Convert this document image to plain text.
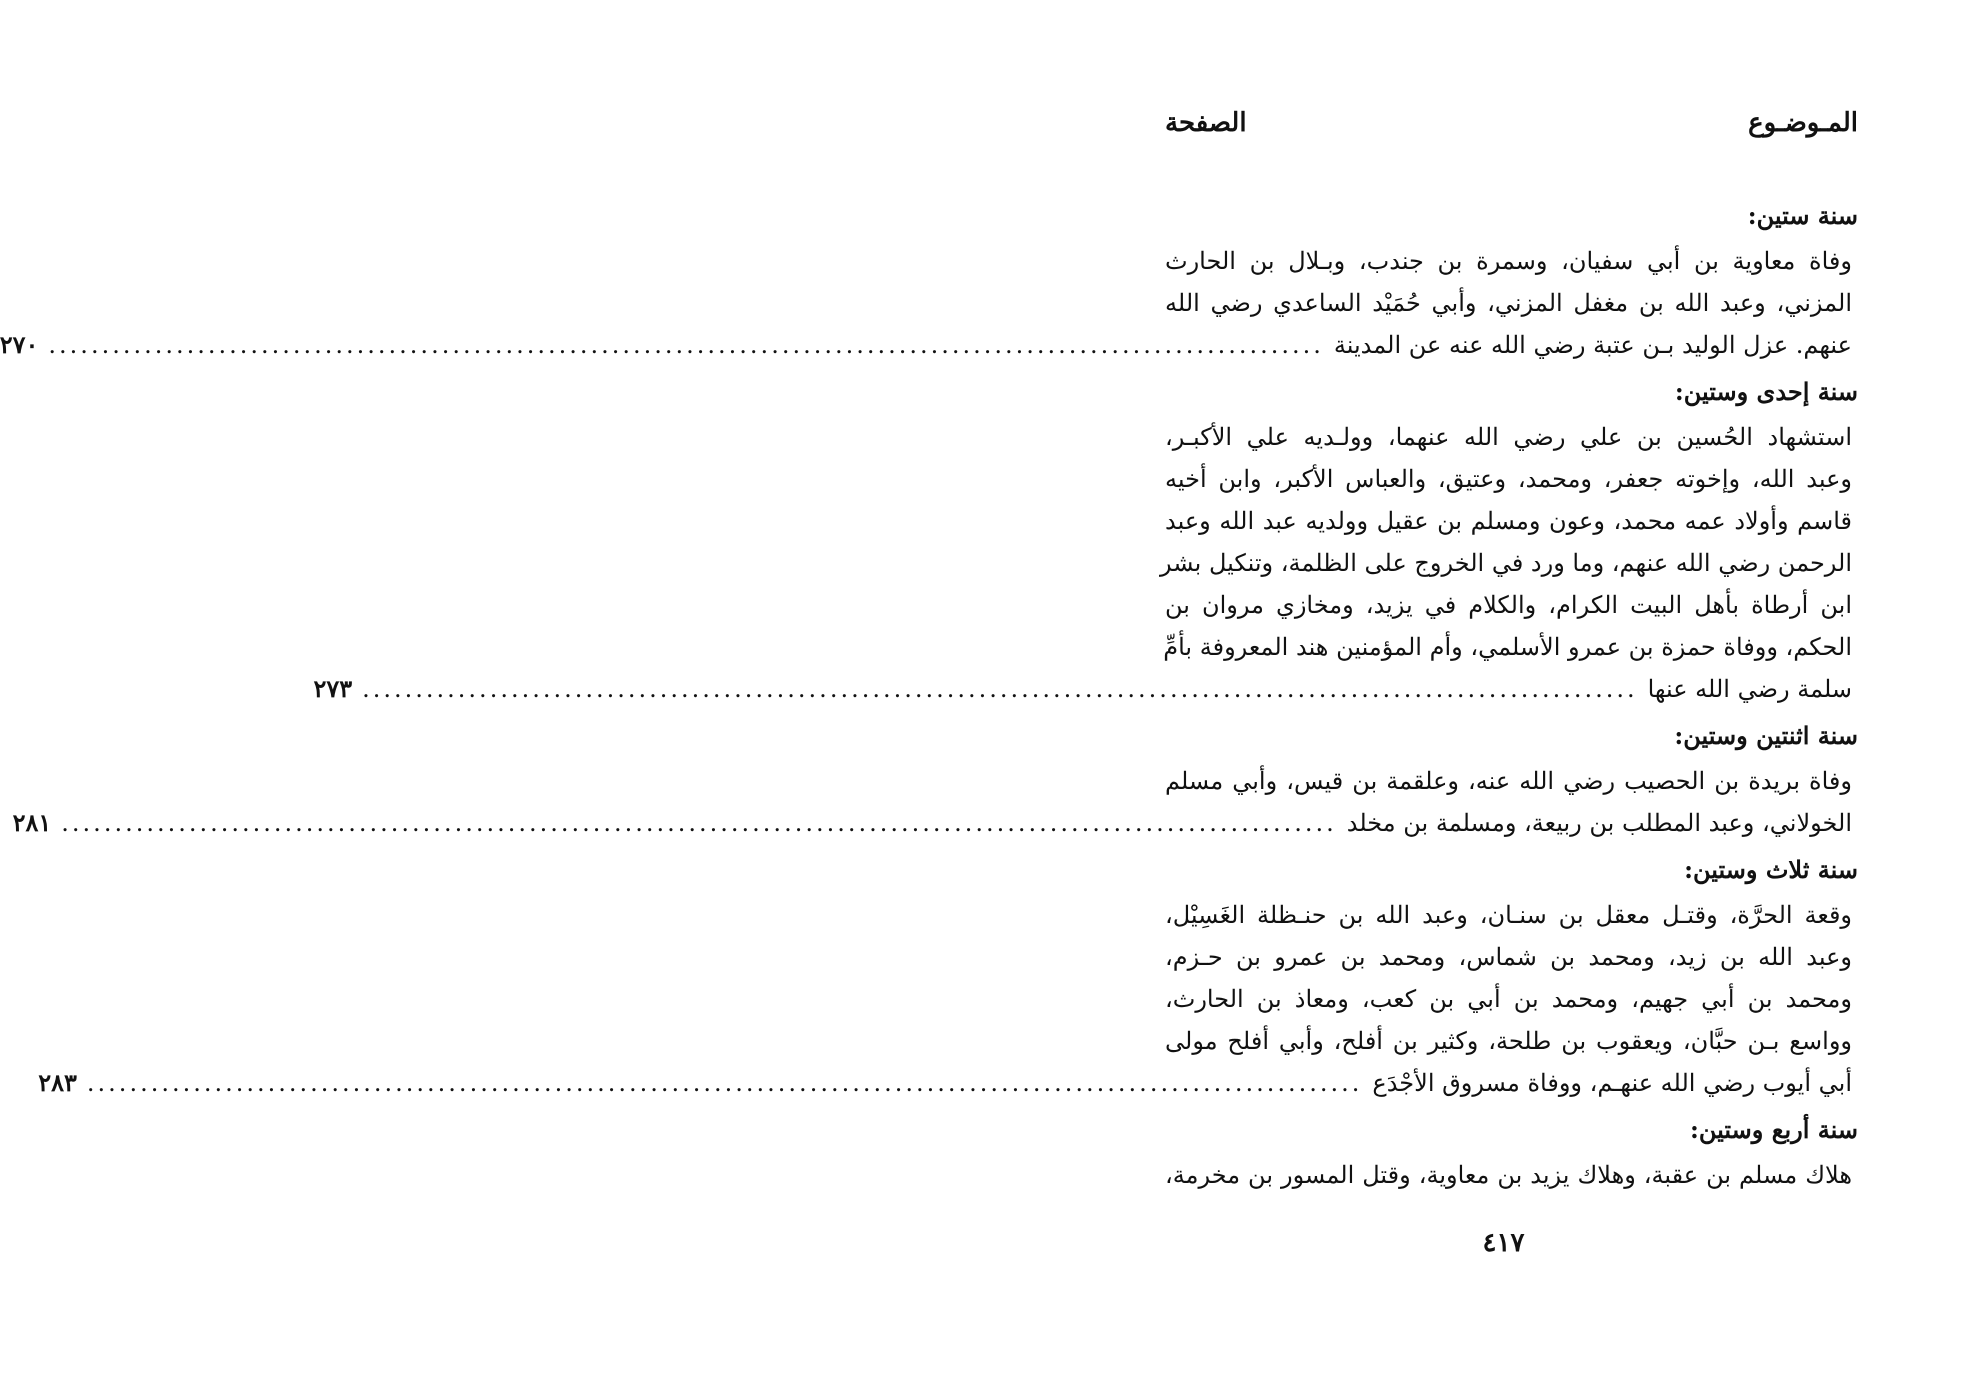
المـوضـوع
الصفحة
سنة ستين:
وفاة معاوية بن أبي سفيان، وسمرة بن جندب، وبـلال بن الحارث
المزني، وعبد الله بن مغفل المزني، وأبي حُمَيْد الساعدي رضي الله
عنهم. عزل الوليد بـن عتبة رضي الله عنه عن المدينة
........................................................................................................................
٢٧٠
سنة إحدى وستين:
استشهاد الحُسين بن علي رضي الله عنهما، وولـديه علي الأكبـر،
وعبد الله، وإخوته جعفر، ومحمد، وعتيق، والعباس الأكبر، وابن أخيه
قاسم وأولاد عمه محمد، وعون ومسلم بن عقيل وولديه عبد الله وعبد
الرحمن رضي الله عنهم، وما ورد في الخروج على الظلمة، وتنكيل بشر
ابن أرطاة بأهل البيت الكرام، والكلام في يزيد، ومخازي مروان بن
الحكم، ووفاة حمزة بن عمرو الأسلمي، وأم المؤمنين هند المعروفة بأمِّ
سلمة رضي الله عنها
........................................................................................................................
٢٧٣
سنة اثنتين وستين:
وفاة بريدة بن الحصيب رضي الله عنه، وعلقمة بن قيس، وأبي مسلم
الخولاني، وعبد المطلب بن ربيعة، ومسلمة بن مخلد
........................................................................................................................
٢٨١
سنة ثلاث وستين:
وقعة الحرَّة، وقتـل معقل بن سنـان، وعبد الله بن حنـظلة الغَسِيْل،
وعبد الله بن زيد، ومحمد بن شماس، ومحمد بن عمرو بن حـزم،
ومحمد بن أبي جهيم، ومحمد بن أبي بن كعب، ومعاذ بن الحارث،
وواسع بـن حبَّان، ويعقوب بن طلحة، وكثير بن أفلح، وأبي أفلح مولى
أبي أيوب رضي الله عنهـم، ووفاة مسروق الأجْدَع
........................................................................................................................
٢٨٣
سنة أربع وستين:
هلاك مسلم بن عقبة، وهلاك يزيد بن معاوية، وقتل المسور بن مخرمة،
٤١٧
